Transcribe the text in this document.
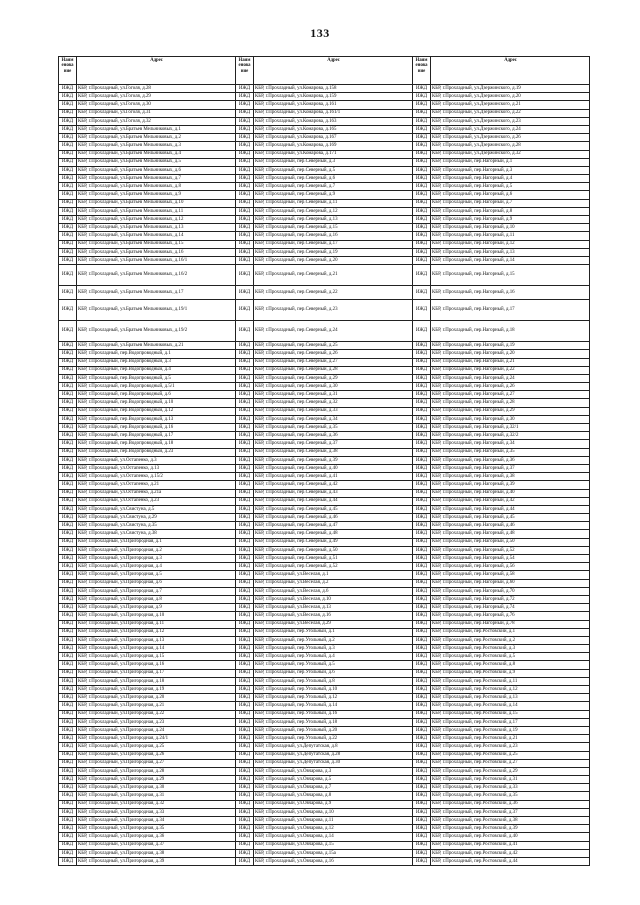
133
Наим енова ние	Адрес	Наим енова ние	Адрес	Наим енова ние	Адрес
ИЖД	КБР, г.Прохладный, ул.Гоголя, д.28	ИЖД	КБР, г.Прохладный, ул.Комарова, д.158	ИЖД	КБР, г.Прохладный, ул.Дзержинского, д.19
ИЖД	КБР, г.Прохладный, ул.Гоголя, д.29	ИЖД	КБР, г.Прохладный, ул.Комарова, д.159	ИЖД	КБР, г.Прохладный, ул.Дзержинского, д.20
ИЖД	КБР, г.Прохладный, ул.Гоголя, д.30	ИЖД	КБР, г.Прохладный, ул.Комарова, д.161	ИЖД	КБР, г.Прохладный, ул.Дзержинского, д.21
ИЖД	КБР, г.Прохладный, ул.Гоголя, д.31	ИЖД	КБР, г.Прохладный, ул.Комарова, д.161/1	ИЖД	КБР, г.Прохладный, ул.Дзержинского, д.22
ИЖД	КБР, г.Прохладный, ул.Гоголя, д.32	ИЖД	КБР, г.Прохладный, ул.Комарова, д.163	ИЖД	КБР, г.Прохладный, ул.Дзержинского, д.23
ИЖД	КБР, г.Прохладный, ул.Братьев Мельниковых, д.1	ИЖД	КБР, г.Прохладный, ул.Комарова, д.165	ИЖД	КБР, г.Прохладный, ул.Дзержинского, д.24
ИЖД	КБР, г.Прохладный, ул.Братьев Мельниковых, д.2	ИЖД	КБР, г.Прохладный, ул.Комарова, д.167	ИЖД	КБР, г.Прохладный, ул.Дзержинского, д.26
ИЖД	КБР, г.Прохладный, ул.Братьев Мельниковых, д.3	ИЖД	КБР, г.Прохладный, ул.Комарова, д.169	ИЖД	КБР, г.Прохладный, ул.Дзержинского, д.28
ИЖД	КБР, г.Прохладный, ул.Братьев Мельниковых, д.4	ИЖД	КБР, г.Прохладный, ул.Комарова, д.171	ИЖД	КБР, г.Прохладный, ул.Дзержинского, д.32
ИЖД	КБР, г.Прохладный, ул.Братьев Мельниковых, д.5	ИЖД	КБР, г.Прохладный, пер.Северный, д.3	ИЖД	КБР, г.Прохладный, пер.Нагорный, д.1
ИЖД	КБР, г.Прохладный, ул.Братьев Мельниковых, д.6	ИЖД	КБР, г.Прохладный, пер.Северный, д.5	ИЖД	КБР, г.Прохладный, пер.Нагорный, д.3
ИЖД	КБР, г.Прохладный, ул.Братьев Мельниковых, д.7	ИЖД	КБР, г.Прохладный, пер.Северный, д.6	ИЖД	КБР, г.Прохладный, пер.Нагорный, д.4
ИЖД	КБР, г.Прохладный, ул.Братьев Мельниковых, д.8	ИЖД	КБР, г.Прохладный, пер.Северный, д.7	ИЖД	КБР, г.Прохладный, пер.Нагорный, д.5
ИЖД	КБР, г.Прохладный, ул.Братьев Мельниковых, д.9	ИЖД	КБР, г.Прохладный, пер.Северный, д.9	ИЖД	КБР, г.Прохладный, пер.Нагорный, д.6
ИЖД	КБР, г.Прохладный, ул.Братьев Мельниковых, д.10	ИЖД	КБР, г.Прохладный, пер.Северный, д.11	ИЖД	КБР, г.Прохладный, пер.Нагорный, д.7
ИЖД	КБР, г.Прохладный, ул.Братьев Мельниковых, д.11	ИЖД	КБР, г.Прохладный, пер.Северный, д.12	ИЖД	КБР, г.Прохладный, пер.Нагорный, д.8
ИЖД	КБР, г.Прохладный, ул.Братьев Мельниковых, д.12	ИЖД	КБР, г.Прохладный, пер.Северный, д.13	ИЖД	КБР, г.Прохладный, пер.Нагорный, д.9
ИЖД	КБР, г.Прохладный, ул.Братьев Мельниковых, д.13	ИЖД	КБР, г.Прохладный, пер.Северный, д.15	ИЖД	КБР, г.Прохладный, пер.Нагорный, д.10
ИЖД	КБР, г.Прохладный, ул.Братьев Мельниковых, д.14	ИЖД	КБР, г.Прохладный, пер.Северный, д.16	ИЖД	КБР, г.Прохладный, пер.Нагорный, д.11
ИЖД	КБР, г.Прохладный, ул.Братьев Мельниковых, д.15	ИЖД	КБР, г.Прохладный, пер.Северный, д.17	ИЖД	КБР, г.Прохладный, пер.Нагорный, д.12
ИЖД	КБР, г.Прохладный, ул.Братьев Мельниковых, д.16	ИЖД	КБР, г.Прохладный, пер.Северный, д.19	ИЖД	КБР, г.Прохладный, пер.Нагорный, д.13
ИЖД	КБР, г.Прохладный, ул.Братьев Мельниковых, д.16/1	ИЖД	КБР, г.Прохладный, пер.Северный, д.20	ИЖД	КБР, г.Прохладный, пер.Нагорный, д.14
ИЖД	КБР, г.Прохладный, ул.Братьев Мельниковых, д.16/2	ИЖД	КБР, г.Прохладный, пер.Северный, д.21	ИЖД	КБР, г.Прохладный, пер.Нагорный, д.15
ИЖД	КБР, г.Прохладный, ул.Братьев Мельниковых, д.17	ИЖД	КБР, г.Прохладный, пер.Северный, д.22	ИЖД	КБР, г.Прохладный, пер.Нагорный, д.16
ИЖД	КБР, г.Прохладный, ул.Братьев Мельниковых, д.19/1	ИЖД	КБР, г.Прохладный, пер.Северный, д.23	ИЖД	КБР, г.Прохладный, пер.Нагорный, д.17
ИЖД	КБР, г.Прохладный, ул.Братьев Мельниковых, д.19/2	ИЖД	КБР, г.Прохладный, пер.Северный, д.24	ИЖД	КБР, г.Прохладный, пер.Нагорный, д.18
ИЖД	КБР, г.Прохладный, ул.Братьев Мельниковых, д.21	ИЖД	КБР, г.Прохладный, пер.Северный, д.25	ИЖД	КБР, г.Прохладный, пер.Нагорный, д.19
ИЖД	КБР, г.Прохладный, пер.Водопроводный, д.1	ИЖД	КБР, г.Прохладный, пер.Северный, д.26	ИЖД	КБР, г.Прохладный, пер.Нагорный, д.20
ИЖД	КБР, г.Прохладный, пер.Водопроводный, д.3	ИЖД	КБР, г.Прохладный, пер.Северный, д.27	ИЖД	КБР, г.Прохладный, пер.Нагорный, д.21
ИЖД	КБР, г.Прохладный, пер.Водопроводный, д.4	ИЖД	КБР, г.Прохладный, пер.Северный, д.28	ИЖД	КБР, г.Прохладный, пер.Нагорный, д.22
ИЖД	КБР, г.Прохладный, пер.Водопроводный, д.5	ИЖД	КБР, г.Прохладный, пер.Северный, д.29	ИЖД	КБР, г.Прохладный, пер.Нагорный, д.24
ИЖД	КБР, г.Прохладный, пер.Водопроводный, д.5/1	ИЖД	КБР, г.Прохладный, пер.Северный, д.30	ИЖД	КБР, г.Прохладный, пер.Нагорный, д.26
ИЖД	КБР, г.Прохладный, пер.Водопроводный, д.6	ИЖД	КБР, г.Прохладный, пер.Северный, д.31	ИЖД	КБР, г.Прохладный, пер.Нагорный, д.27
ИЖД	КБР, г.Прохладный, пер.Водопроводный, д.10	ИЖД	КБР, г.Прохладный, пер.Северный, д.32	ИЖД	КБР, г.Прохладный, пер.Нагорный, д.28
ИЖД	КБР, г.Прохладный, пер.Водопроводный, д.12	ИЖД	КБР, г.Прохладный, пер.Северный, д.33	ИЖД	КБР, г.Прохладный, пер.Нагорный, д.29
ИЖД	КБР, г.Прохладный, пер.Водопроводный, д.13	ИЖД	КБР, г.Прохладный, пер.Северный, д.34	ИЖД	КБР, г.Прохладный, пер.Нагорный, д.30
ИЖД	КБР, г.Прохладный, пер.Водопроводный, д.16	ИЖД	КБР, г.Прохладный, пер.Северный, д.35	ИЖД	КБР, г.Прохладный, пер.Нагорный, д.32/1
ИЖД	КБР, г.Прохладный, пер.Водопроводный, д.17	ИЖД	КБР, г.Прохладный, пер.Северный, д.36	ИЖД	КБР, г.Прохладный, пер.Нагорный, д.32/2
ИЖД	КБР, г.Прохладный, пер.Водопроводный, д.18	ИЖД	КБР, г.Прохладный, пер.Северный, д.37	ИЖД	КБР, г.Прохладный, пер.Нагорный, д.34
ИЖД	КБР, г.Прохладный, пер.Водопроводный, д.23	ИЖД	КБР, г.Прохладный, пер.Северный, д.38	ИЖД	КБР, г.Прохладный, пер.Нагорный, д.35
ИЖД	КБР, г.Прохладный, ул.Остапенко, д.3	ИЖД	КБР, г.Прохладный, пер.Северный, д.39	ИЖД	КБР, г.Прохладный, пер.Нагорный, д.36
ИЖД	КБР, г.Прохладный, ул.Остапенко, д.13	ИЖД	КБР, г.Прохладный, пер.Северный, д.40	ИЖД	КБР, г.Прохладный, пер.Нагорный, д.37
ИЖД	КБР, г.Прохладный, ул.Остапенко, д.15/2	ИЖД	КБР, г.Прохладный, пер.Северный, д.41	ИЖД	КБР, г.Прохладный, пер.Нагорный, д.38
ИЖД	КБР, г.Прохладный, ул.Остапенко, д.21	ИЖД	КБР, г.Прохладный, пер.Северный, д.42	ИЖД	КБР, г.Прохладный, пер.Нагорный, д.39
ИЖД	КБР, г.Прохладный, ул.Остапенко, д.21а	ИЖД	КБР, г.Прохладный, пер.Северный, д.43	ИЖД	КБР, г.Прохладный, пер.Нагорный, д.40
ИЖД	КБР, г.Прохладный, ул.Остапенко, д.23	ИЖД	КБР, г.Прохладный, пер.Северный, д.44	ИЖД	КБР, г.Прохладный, пер.Нагорный, д.42
ИЖД	КБР, г.Прохладный, ул.Свистуна, д.5	ИЖД	КБР, г.Прохладный, пер.Северный, д.45	ИЖД	КБР, г.Прохладный, пер.Нагорный, д.44
ИЖД	КБР, г.Прохладный, ул.Свистуна, д.29	ИЖД	КБР, г.Прохладный, пер.Северный, д.46	ИЖД	КБР, г.Прохладный, пер.Нагорный, д.45
ИЖД	КБР, г.Прохладный, ул.Свистуна, д.35	ИЖД	КБР, г.Прохладный, пер.Северный, д.47	ИЖД	КБР, г.Прохладный, пер.Нагорный, д.46
ИЖД	КБР, г.Прохладный, ул.Свистуна, д.38	ИЖД	КБР, г.Прохладный, пер.Северный, д.48	ИЖД	КБР, г.Прохладный, пер.Нагорный, д.48
ИЖД	КБР, г.Прохладный, ул.Пригородная, д.1	ИЖД	КБР, г.Прохладный, пер.Северный, д.49	ИЖД	КБР, г.Прохладный, пер.Нагорный, д.50
ИЖД	КБР, г.Прохладный, ул.Пригородная, д.2	ИЖД	КБР, г.Прохладный, пер.Северный, д.50	ИЖД	КБР, г.Прохладный, пер.Нагорный, д.52
ИЖД	КБР, г.Прохладный, ул.Пригородная, д.3	ИЖД	КБР, г.Прохладный, пер.Северный, д.51	ИЖД	КБР, г.Прохладный, пер.Нагорный, д.54
ИЖД	КБР, г.Прохладный, ул.Пригородная, д.4	ИЖД	КБР, г.Прохладный, пер.Северный, д.52	ИЖД	КБР, г.Прохладный, пер.Нагорный, д.56
ИЖД	КБР, г.Прохладный, ул.Пригородная, д.5	ИЖД	КБР, г.Прохладный, ул.Веселая, д.1	ИЖД	КБР, г.Прохладный, пер.Нагорный, д.58
ИЖД	КБР, г.Прохладный, ул.Пригородная, д.6	ИЖД	КБР, г.Прохладный, ул.Веселая, д.2	ИЖД	КБР, г.Прохладный, пер.Нагорный, д.60
ИЖД	КБР, г.Прохладный, ул.Пригородная, д.7	ИЖД	КБР, г.Прохладный, ул.Веселая, д.6	ИЖД	КБР, г.Прохладный, пер.Нагорный, д.70
ИЖД	КБР, г.Прохладный, ул.Пригородная, д.8	ИЖД	КБР, г.Прохладный, ул.Веселая, д.10	ИЖД	КБР, г.Прохладный, пер.Нагорный, д.72
ИЖД	КБР, г.Прохладный, ул.Пригородная, д.9	ИЖД	КБР, г.Прохладный, ул.Веселая, д.13	ИЖД	КБР, г.Прохладный, пер.Нагорный, д.74
ИЖД	КБР, г.Прохладный, ул.Пригородная, д.10	ИЖД	КБР, г.Прохладный, ул.Веселая, д.16	ИЖД	КБР, г.Прохладный, пер.Нагорный, д.76
ИЖД	КБР, г.Прохладный, ул.Пригородная, д.11	ИЖД	КБР, г.Прохладный, ул.Веселая, д.29	ИЖД	КБР, г.Прохладный, пер.Нагорный, д.78
ИЖД	КБР, г.Прохладный, ул.Пригородная, д.12	ИЖД	КБР, г.Прохладный, пер.Угольный, д.1	ИЖД	КБР, г.Прохладный, пер.Ростовский, д.1
ИЖД	КБР, г.Прохладный, ул.Пригородная, д.13	ИЖД	КБР, г.Прохладный, пер.Угольный, д.2	ИЖД	КБР, г.Прохладный, пер.Ростовский, д.2
ИЖД	КБР, г.Прохладный, ул.Пригородная, д.14	ИЖД	КБР, г.Прохладный, пер.Угольный, д.3	ИЖД	КБР, г.Прохладный, пер.Ростовский, д.3
ИЖД	КБР, г.Прохладный, ул.Пригородная, д.15	ИЖД	КБР, г.Прохладный, пер.Угольный, д.4	ИЖД	КБР, г.Прохладный, пер.Ростовский, д.5
ИЖД	КБР, г.Прохладный, ул.Пригородная, д.16	ИЖД	КБР, г.Прохладный, пер.Угольный, д.5	ИЖД	КБР, г.Прохладный, пер.Ростовский, д.8
ИЖД	КБР, г.Прохладный, ул.Пригородная, д.17	ИЖД	КБР, г.Прохладный, пер.Угольный, д.6	ИЖД	КБР, г.Прохладный, пер.Ростовский, д.9
ИЖД	КБР, г.Прохладный, ул.Пригородная, д.18	ИЖД	КБР, г.Прохладный, пер.Угольный, д.8	ИЖД	КБР, г.Прохладный, пер.Ростовский, д.11
ИЖД	КБР, г.Прохладный, ул.Пригородная, д.19	ИЖД	КБР, г.Прохладный, пер.Угольный, д.10	ИЖД	КБР, г.Прохладный, пер.Ростовский, д.12
ИЖД	КБР, г.Прохладный, ул.Пригородная, д.20	ИЖД	КБР, г.Прохладный, пер.Угольный, д.12	ИЖД	КБР, г.Прохладный, пер.Ростовский, д.13
ИЖД	КБР, г.Прохладный, ул.Пригородная, д.21	ИЖД	КБР, г.Прохладный, пер.Угольный, д.14	ИЖД	КБР, г.Прохладный, пер.Ростовский, д.14
ИЖД	КБР, г.Прохладный, ул.Пригородная, д.22	ИЖД	КБР, г.Прохладный, пер.Угольный, д.16	ИЖД	КБР, г.Прохладный, пер.Ростовский, д.15
ИЖД	КБР, г.Прохладный, ул.Пригородная, д.23	ИЖД	КБР, г.Прохладный, пер.Угольный, д.18	ИЖД	КБР, г.Прохладный, пер.Ростовский, д.17
ИЖД	КБР, г.Прохладный, ул.Пригородная, д.24	ИЖД	КБР, г.Прохладный, пер.Угольный, д.20	ИЖД	КБР, г.Прохладный, пер.Ростовский, д.19
ИЖД	КБР, г.Прохладный, ул.Пригородная, д.24/1	ИЖД	КБР, г.Прохладный, пер.Угольный, д.22	ИЖД	КБР, г.Прохладный, пер.Ростовский, д.21
ИЖД	КБР, г.Прохладный, ул.Пригородная, д.25	ИЖД	КБР, г.Прохладный, ул.Депутатская, д.8	ИЖД	КБР, г.Прохладный, пер.Ростовский, д.23
ИЖД	КБР, г.Прохладный, ул.Пригородная, д.26	ИЖД	КБР, г.Прохладный, ул.Депутатская, д.28	ИЖД	КБР, г.Прохладный, пер.Ростовский, д.25
ИЖД	КБР, г.Прохладный, ул.Пригородная, д.27	ИЖД	КБР, г.Прохладный, ул.Депутатская, д.30	ИЖД	КБР, г.Прохладный, пер.Ростовский, д.27
ИЖД	КБР, г.Прохладный, ул.Пригородная, д.28	ИЖД	КБР, г.Прохладный, ул.Овчарова, д.3	ИЖД	КБР, г.Прохладный, пер.Ростовский, д.29
ИЖД	КБР, г.Прохладный, ул.Пригородная, д.29	ИЖД	КБР, г.Прохладный, ул.Овчарова, д.5	ИЖД	КБР, г.Прохладный, пер.Ростовский, д.31
ИЖД	КБР, г.Прохладный, ул.Пригородная, д.30	ИЖД	КБР, г.Прохладный, ул.Овчарова, д.7	ИЖД	КБР, г.Прохладный, пер.Ростовский, д.33
ИЖД	КБР, г.Прохладный, ул.Пригородная, д.31	ИЖД	КБР, г.Прохладный, ул.Овчарова, д.8	ИЖД	КБР, г.Прохладный, пер.Ростовский, д.35
ИЖД	КБР, г.Прохладный, ул.Пригородная, д.32	ИЖД	КБР, г.Прохладный, ул.Овчарова, д.9	ИЖД	КБР, г.Прохладный, пер.Ростовский, д.36
ИЖД	КБР, г.Прохладный, ул.Пригородная, д.33	ИЖД	КБР, г.Прохладный, ул.Овчарова, д.10	ИЖД	КБР, г.Прохладный, пер.Ростовский, д.37
ИЖД	КБР, г.Прохладный, ул.Пригородная, д.34	ИЖД	КБР, г.Прохладный, ул.Овчарова, д.11	ИЖД	КБР, г.Прохладный, пер.Ростовский, д.38
ИЖД	КБР, г.Прохладный, ул.Пригородная, д.35	ИЖД	КБР, г.Прохладный, ул.Овчарова, д.12	ИЖД	КБР, г.Прохладный, пер.Ростовский, д.39
ИЖД	КБР, г.Прохладный, ул.Пригородная, д.36	ИЖД	КБР, г.Прохладный, ул.Овчарова, д.14	ИЖД	КБР, г.Прохладный, пер.Ростовский, д.40
ИЖД	КБР, г.Прохладный, ул.Пригородная, д.37	ИЖД	КБР, г.Прохладный, ул.Овчарова, д.15	ИЖД	КБР, г.Прохладный, пер.Ростовский, д.41
ИЖД	КБР, г.Прохладный, ул.Пригородная, д.38	ИЖД	КБР, г.Прохладный, ул.Овчарова, д.15а	ИЖД	КБР, г.Прохладный, пер.Ростовский, д.42
ИЖД	КБР, г.Прохладный, ул.Пригородная, д.39	ИЖД	КБР, г.Прохладный, ул.Овчарова, д.16	ИЖД	КБР, г.Прохладный, пер.Ростовский, д.44
